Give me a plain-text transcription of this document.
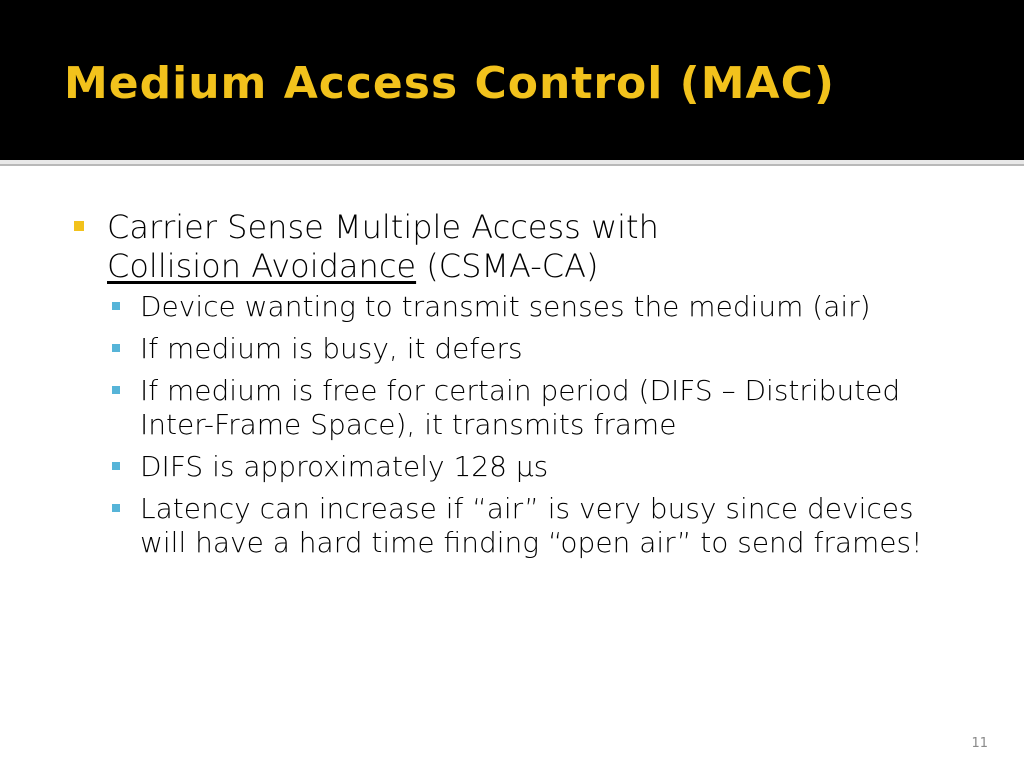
Medium Access Control (MAC)
Carrier Sense Multiple Access with
Collision Avoidance (CSMA-CA)
Device wanting to transmit senses the medium (air)
If medium is busy, it defers
If medium is free for certain period (DIFS – Distributed Inter-Frame Space), it transmits frame
DIFS is approximately 128 µs
Latency can increase if “air” is very busy since devices will have a hard time finding “open air” to send frames!
11
